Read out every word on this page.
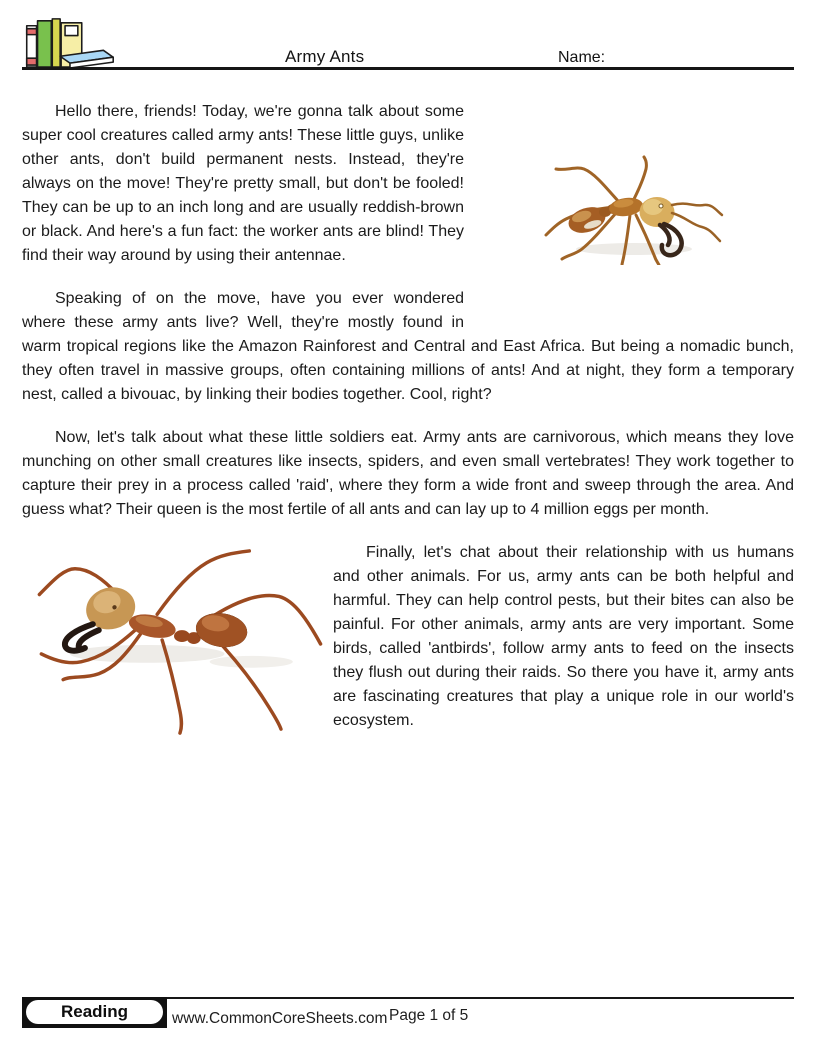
Army Ants	Name:

Hello there, friends! Today, we're gonna talk about some super cool creatures called army ants! These little guys, unlike other ants, don't build permanent nests. Instead, they're always on the move! They're pretty small, but don't be fooled! They can be up to an inch long and are usually reddish-brown or black. And here's a fun fact: the worker ants are blind! They find their way around by using their antennae.

Speaking of on the move, have you ever wondered where these army ants live? Well, they're mostly found in warm tropical regions like the Amazon Rainforest and Central and East Africa. But being a nomadic bunch, they often travel in massive groups, often containing millions of ants! And at night, they form a temporary nest, called a bivouac, by linking their bodies together. Cool, right?

Now, let's talk about what these little soldiers eat. Army ants are carnivorous, which means they love munching on other small creatures like insects, spiders, and even small vertebrates! They work together to capture their prey in a process called 'raid', where they form a wide front and sweep through the area. And guess what? Their queen is the most fertile of all ants and can lay up to 4 million eggs per month.

Finally, let's chat about their relationship with us humans and other animals. For us, army ants can be both helpful and harmful. They can help control pests, but their bites can also be painful. For other animals, army ants are very important. Some birds, called 'antbirds', follow army ants to feed on the insects they flush out during their raids. So there you have it, army ants are fascinating creatures that play a unique role in our world's ecosystem.

Reading	www.CommonCoreSheets.com Page 1 of 5
